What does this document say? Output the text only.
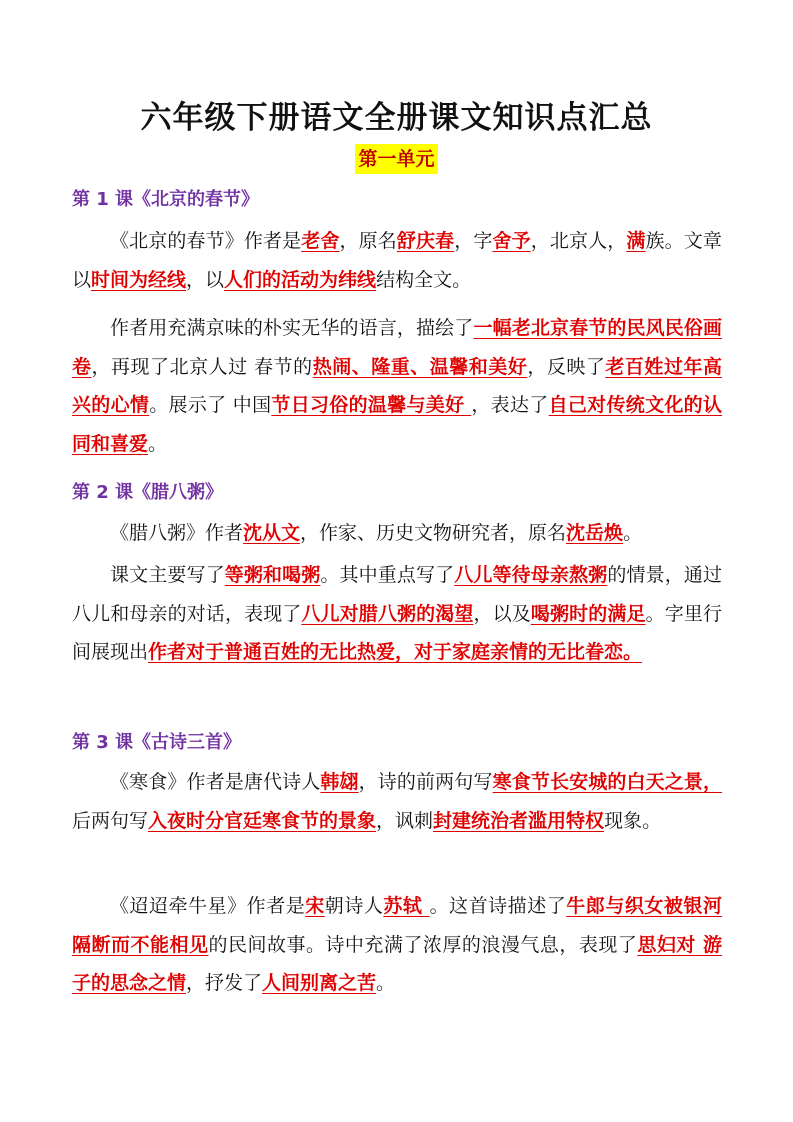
六年级下册语文全册课文知识点汇总
第一单元
第 1 课《北京的春节》

《北京的春节》作者是老舍，原名舒庆春，字舍予，北京人，满族。文章以时间为经线，以人们的活动为纬线结构全文。

作者用充满京味的朴实无华的语言，描绘了一幅老北京春节的民风民俗画卷，再现了北京人过 春节的热闹、隆重、温馨和美好，反映了老百姓过年高兴的心情。展示了 中国节日习俗的温馨与美好 ，表达了自己对传统文化的认同和喜爱。

第 2 课《腊八粥》

《腊八粥》作者沈从文，作家、历史文物研究者，原名沈岳焕。

课文主要写了等粥和喝粥。其中重点写了八儿等待母亲熬粥的情景，通过八儿和母亲的对话，表现了八儿对腊八粥的渴望，以及喝粥时的满足。字里行间展现出作者对于普通百姓的无比热爱，对于家庭亲情的无比眷恋。

第 3 课《古诗三首》

《寒食》作者是唐代诗人韩翃，诗的前两句写寒食节长安城的白天之景，后两句写入夜时分官廷寒食节的景象，讽刺封建统治者滥用特权现象。

《迢迢牵牛星》作者是宋朝诗人苏轼 。这首诗描述了牛郎与织女被银河隔断而不能相见的民间故事。诗中充满了浓厚的浪漫气息，表现了思妇对 游子的思念之情，抒发了人间别离之苦。
